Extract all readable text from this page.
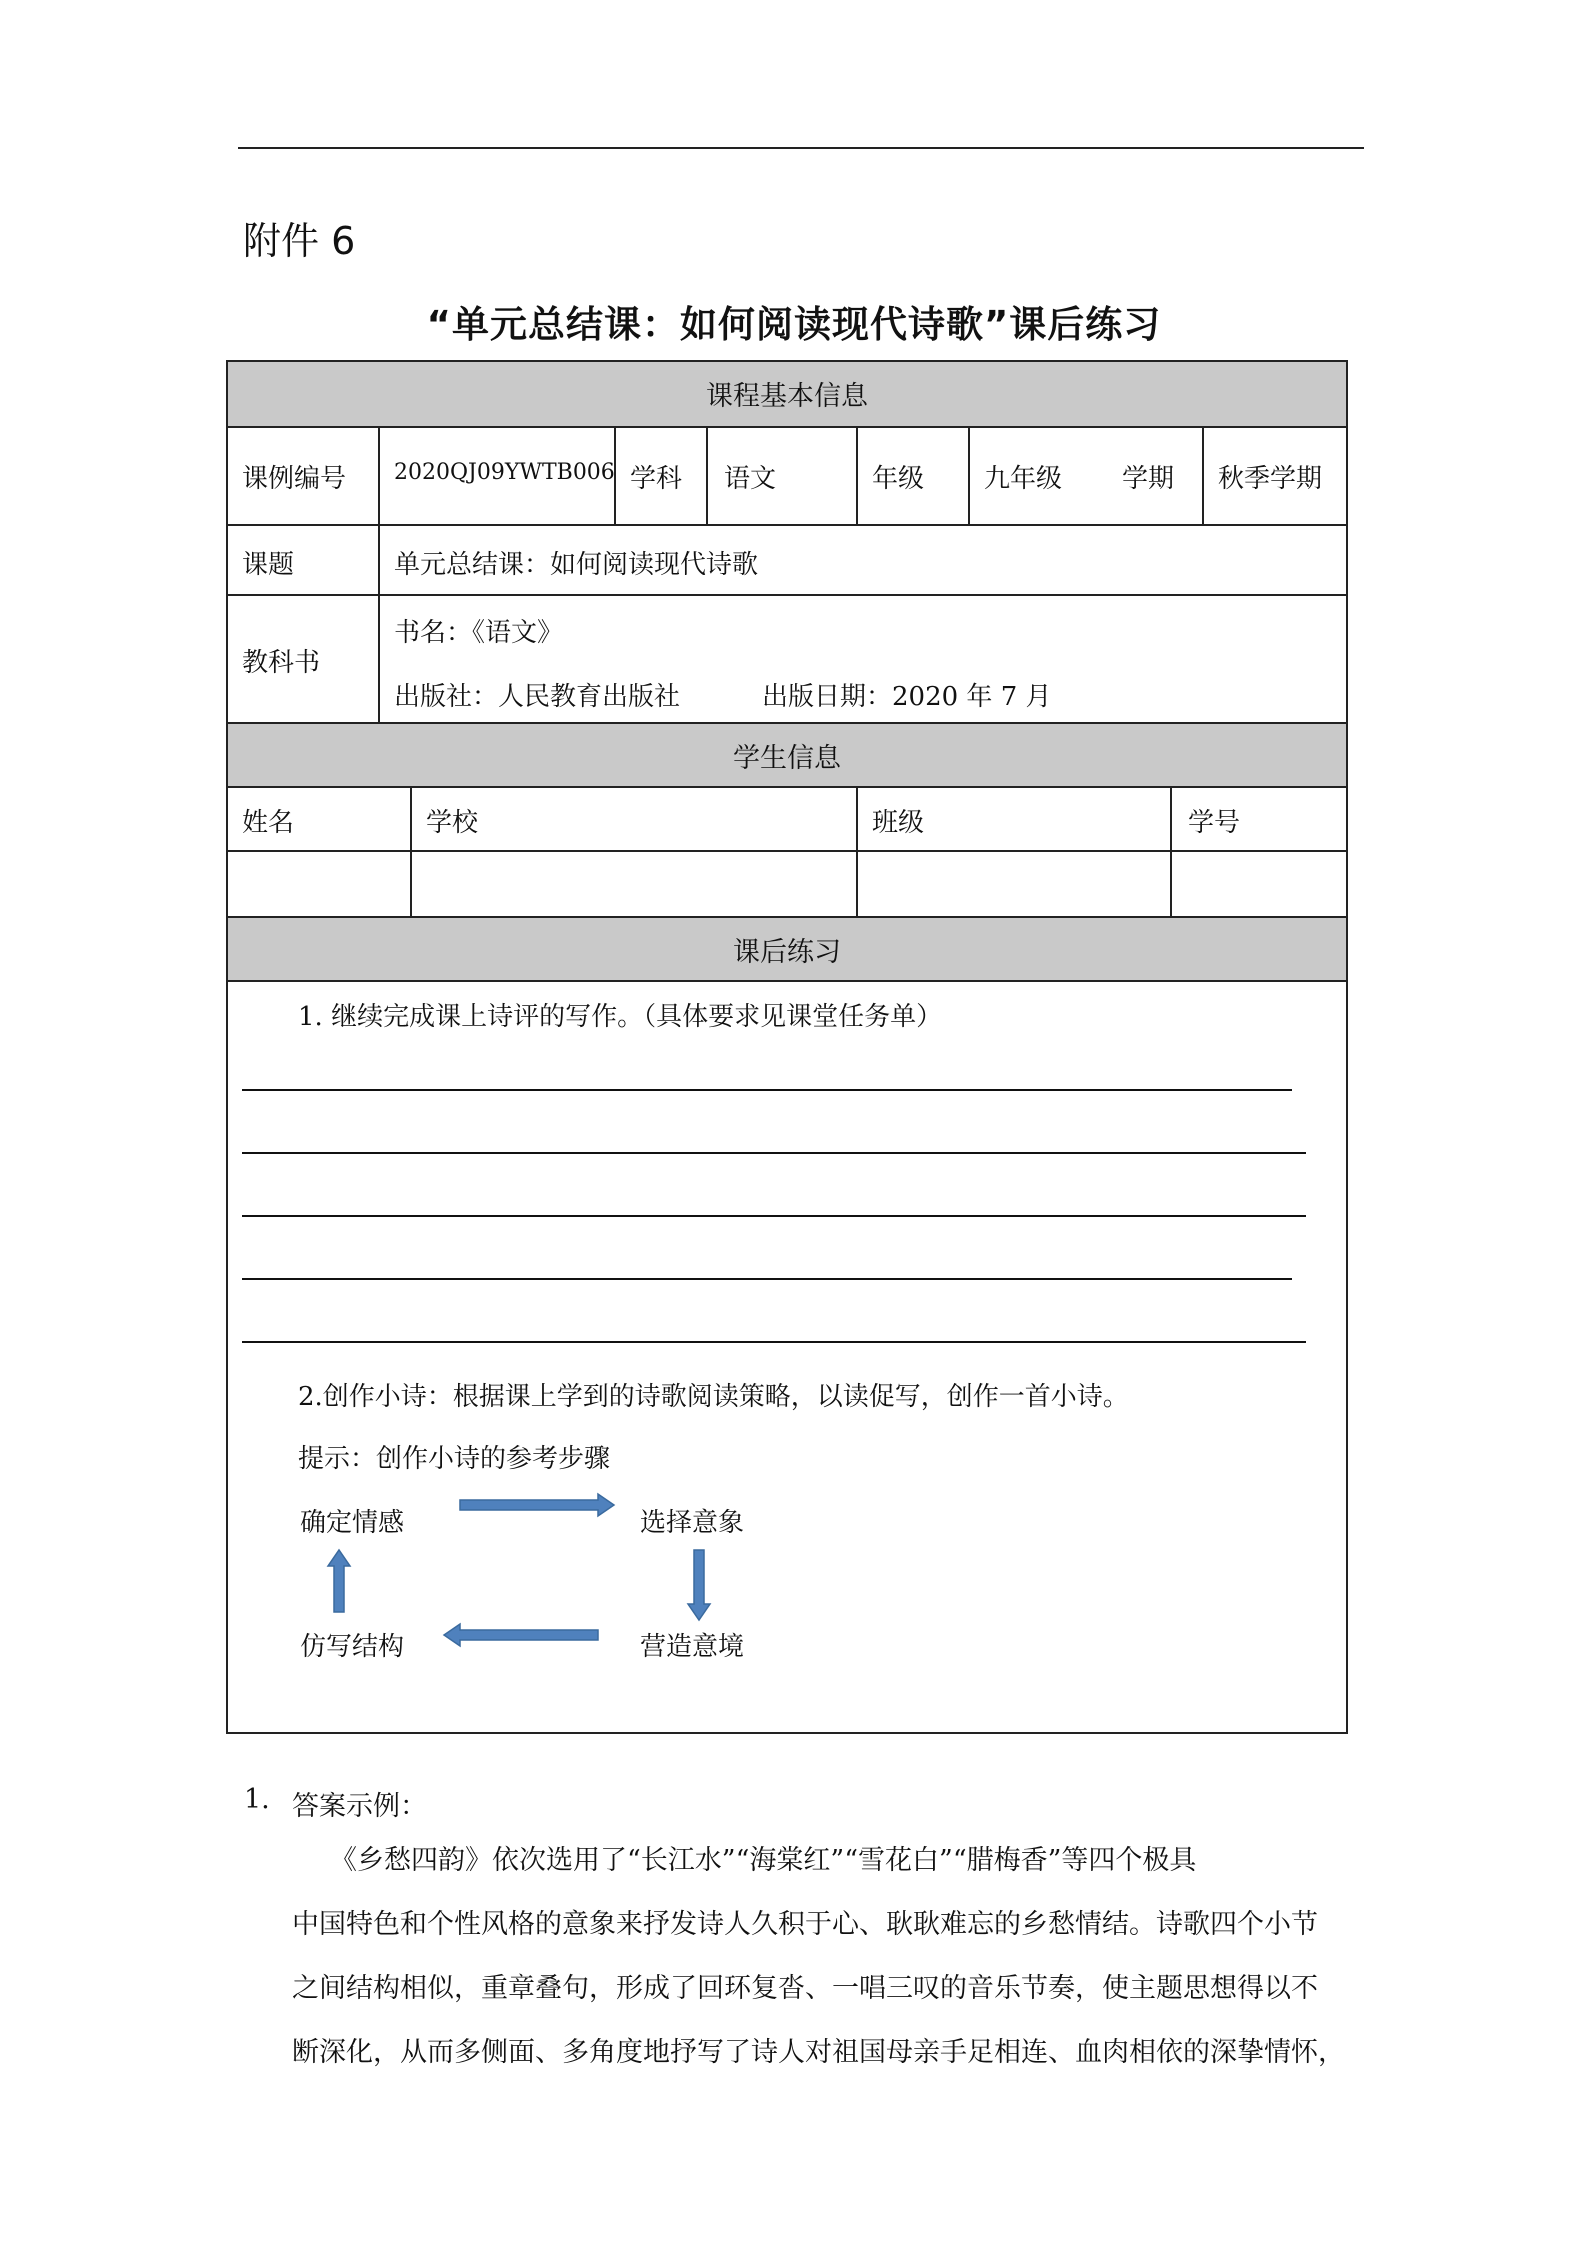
附件 6
“单元总结课：如何阅读现代诗歌”课后练习
课程基本信息
学生信息
课后练习
课例编号 2020QJ09YWTB006 学科 语文	年级 九年级 学期 秋季学期
课题	单元总结课：如何阅读现代诗歌
教科书
书名：《语文》
出版社：人民教育出版社	出版日期：2020 年 7 月
姓名	学校	班级	学号
1. 继续完成课上诗评的写作。（具体要求见课堂任务单）
2.创作小诗：根据课上学到的诗歌阅读策略，以读促写，创作一首小诗。
提示：创作小诗的参考步骤
确定情感	选择意象
营造意境
仿写结构
1. 答案示例：
《乡愁四韵》依次选用了“长江水”“海棠红”“雪花白”“腊梅香”等四个极具
中国特色和个性风格的意象来抒发诗人久积于心、耿耿难忘的乡愁情结。诗歌四个小节
之间结构相似，重章叠句，形成了回环复沓、一唱三叹的音乐节奏，使主题思想得以不
断深化，从而多侧面、多角度地抒写了诗人对祖国母亲手足相连、血肉相依的深挚情怀，
